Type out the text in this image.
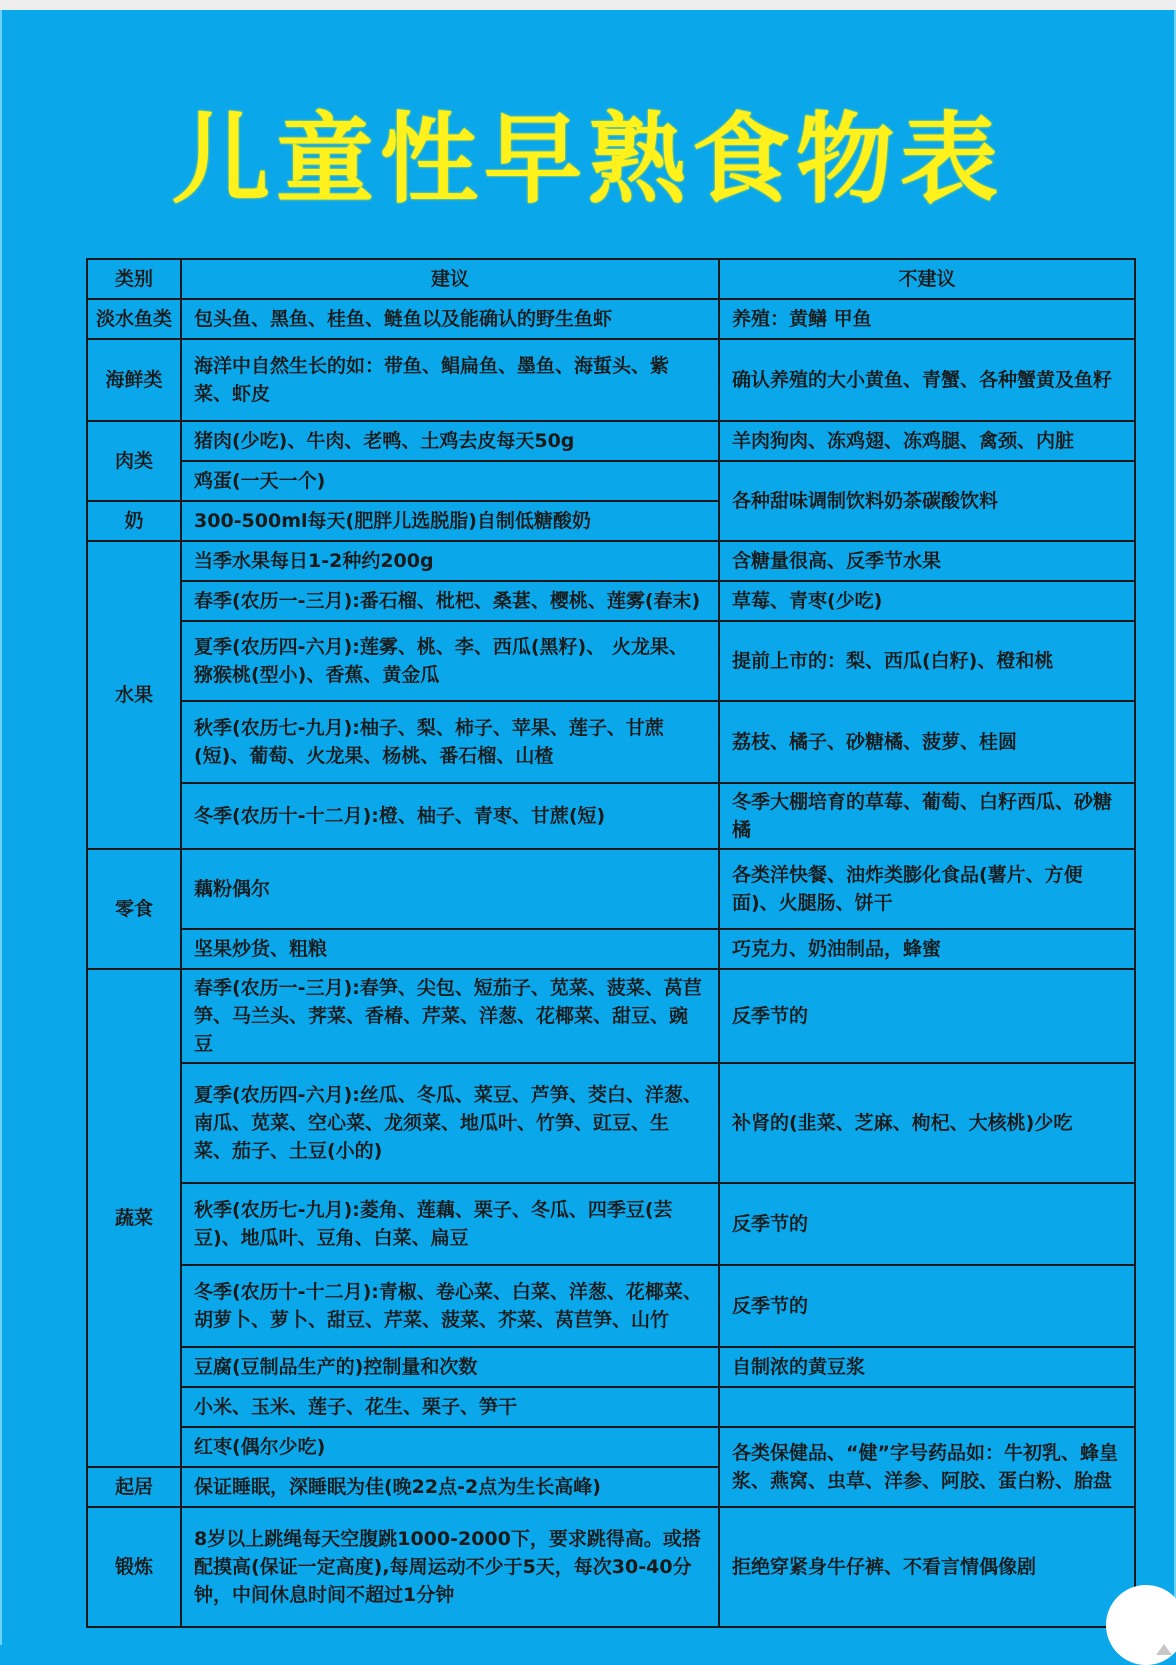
儿童性早熟食物表
类别	建议	不建议
淡水鱼类	包头鱼、黑鱼、桂鱼、鲢鱼以及能确认的野生鱼虾	养殖：黄鳝 甲鱼
海鲜类	海洋中自然生长的如：带鱼、鲳扁鱼、墨鱼、海蜇头、紫菜、虾皮	确认养殖的大小黄鱼、青蟹、各种蟹黄及鱼籽
肉类	猪肉(少吃)、牛肉、老鸭、土鸡去皮每天50g	羊肉狗肉、冻鸡翅、冻鸡腿、禽颈、内脏
	鸡蛋(一天一个)	各种甜味调制饮料奶茶碳酸饮料
奶	300-500ml每天(肥胖儿选脱脂)自制低糖酸奶	
水果	当季水果每日1-2种约200g	含糖量很高、反季节水果
	春季(农历一-三月):番石榴、枇杷、桑葚、樱桃、莲雾(春末)	草莓、青枣(少吃)
	夏季(农历四-六月):莲雾、桃、李、西瓜(黑籽)、 火龙果、猕猴桃(型小)、香蕉、黄金瓜	提前上市的：梨、西瓜(白籽)、橙和桃
	秋季(农历七-九月):柚子、梨、柿子、苹果、莲子、甘蔗(短)、葡萄、火龙果、杨桃、番石榴、山楂	荔枝、橘子、砂糖橘、菠萝、桂圆
	冬季(农历十-十二月):橙、柚子、青枣、甘蔗(短)	冬季大棚培育的草莓、葡萄、白籽西瓜、砂糖橘
零食	藕粉偶尔	各类洋快餐、油炸类膨化食品(薯片、方便面)、火腿肠、饼干
	坚果炒货、粗粮	巧克力、奶油制品，蜂蜜
蔬菜	春季(农历一-三月):春笋、尖包、短茄子、苋菜、菠菜、莴苣笋、马兰头、荠菜、香椿、芹菜、洋葱、花椰菜、甜豆、豌豆	反季节的
	夏季(农历四-六月):丝瓜、冬瓜、菜豆、芦笋、茭白、洋葱、南瓜、苋菜、空心菜、龙须菜、地瓜叶、竹笋、豇豆、生菜、茄子、土豆(小的)	补肾的(韭菜、芝麻、枸杞、大核桃)少吃
	秋季(农历七-九月):菱角、莲藕、栗子、冬瓜、四季豆(芸豆)、地瓜叶、豆角、白菜、扁豆	反季节的
	冬季(农历十-十二月):青椒、卷心菜、白菜、洋葱、花椰菜、胡萝卜、萝卜、甜豆、芹菜、菠菜、芥菜、莴苣笋、山竹	反季节的
	豆腐(豆制品生产的)控制量和次数	自制浓的黄豆浆
	小米、玉米、莲子、花生、栗子、笋干	
	红枣(偶尔少吃)	各类保健品、“健”字号药品如：牛初乳、蜂皇浆、燕窝、虫草、洋参、阿胶、蛋白粉、胎盘
起居	保证睡眠，深睡眠为佳(晚22点-2点为生长高峰)	
锻炼	8岁以上跳绳每天空腹跳1000-2000下，要求跳得高。或搭配摸高(保证一定高度),每周运动不少于5天，每次30-40分钟，中间休息时间不超过1分钟	拒绝穿紧身牛仔裤、不看言情偶像剧
